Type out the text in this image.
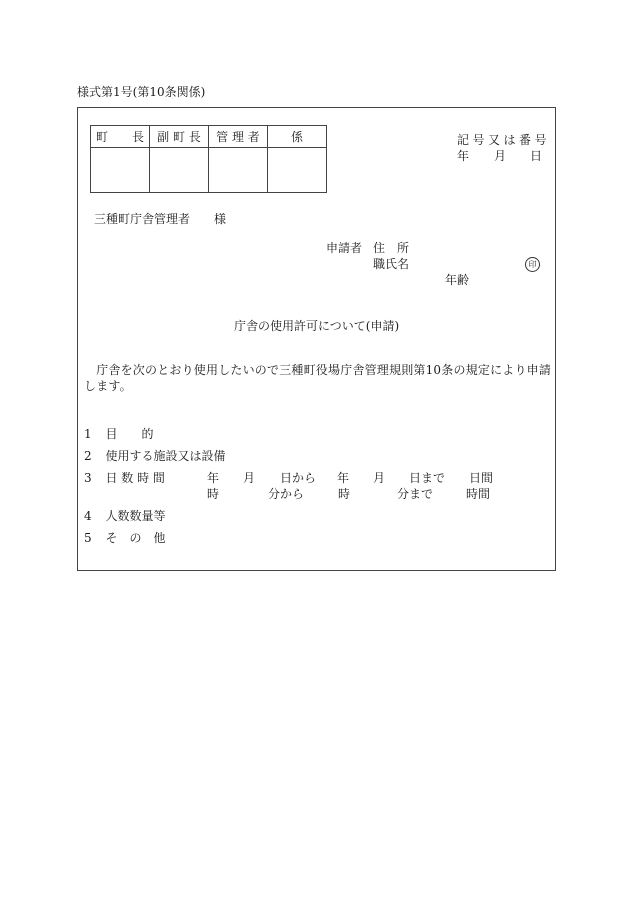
様式第1号(第10条関係)
町　　長	副 町 長	管 理 者	係
				記号又は番号
年 月 日
三種町庁舎管理者　　様
申請者 住　所
職氏名	印
年齢
庁舎の使用許可について(申請)
　庁舎を次のとおり使用したいので三種町役場庁舎管理規則第10条の規定により申請します。
1 目　　的
2 使用する施設又は設備
3 日 数 時 間	年 月 日から 年 月 日まで 日間
時	分から	時	分まで	時間
4 人数数量等
5 そ　の　他
